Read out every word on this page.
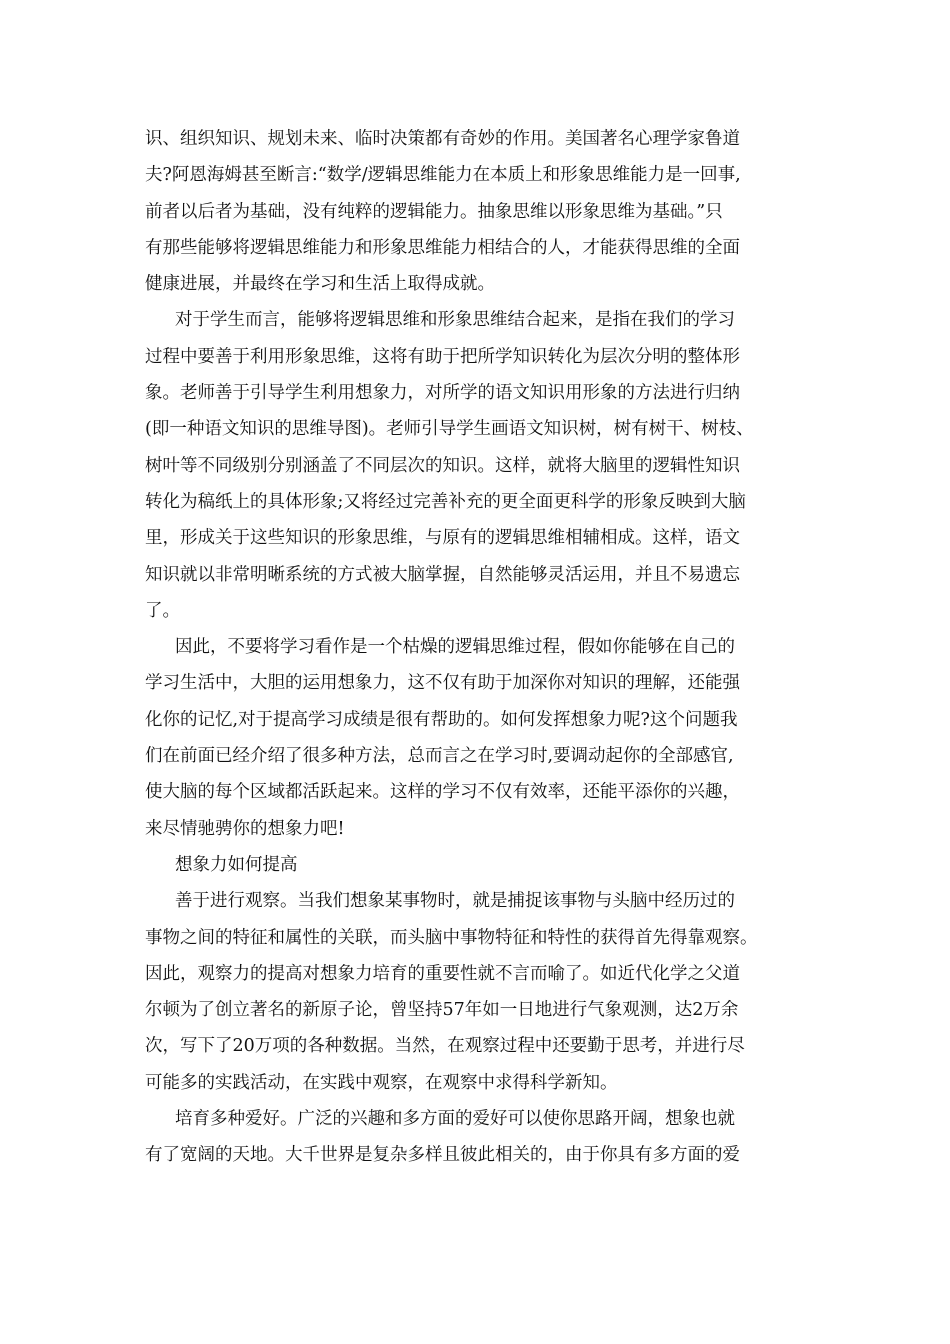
识、组织知识、规划未来、临时决策都有奇妙的作用。美国著名心理学家鲁道
夫?阿恩海姆甚至断言:“数学/逻辑思维能力在本质上和形象思维能力是一回事,
前者以后者为基础，没有纯粹的逻辑能力。抽象思维以形象思维为基础。”只
有那些能够将逻辑思维能力和形象思维能力相结合的人，才能获得思维的全面
健康进展，并最终在学习和生活上取得成就。
对于学生而言，能够将逻辑思维和形象思维结合起来，是指在我们的学习
过程中要善于利用形象思维，这将有助于把所学知识转化为层次分明的整体形
象。老师善于引导学生利用想象力，对所学的语文知识用形象的方法进行归纳
(即一种语文知识的思维导图)。老师引导学生画语文知识树，树有树干、树枝、
树叶等不同级别分别涵盖了不同层次的知识。这样，就将大脑里的逻辑性知识
转化为稿纸上的具体形象;又将经过完善补充的更全面更科学的形象反映到大脑
里，形成关于这些知识的形象思维，与原有的逻辑思维相辅相成。这样，语文
知识就以非常明晰系统的方式被大脑掌握，自然能够灵活运用，并且不易遗忘
了。
因此，不要将学习看作是一个枯燥的逻辑思维过程，假如你能够在自己的
学习生活中，大胆的运用想象力，这不仅有助于加深你对知识的理解，还能强
化你的记忆,对于提高学习成绩是很有帮助的。如何发挥想象力呢?这个问题我
们在前面已经介绍了很多种方法，总而言之在学习时,要调动起你的全部感官,
使大脑的每个区域都活跃起来。这样的学习不仅有效率，还能平添你的兴趣，
来尽情驰骋你的想象力吧!
想象力如何提高
善于进行观察。当我们想象某事物时，就是捕捉该事物与头脑中经历过的
事物之间的特征和属性的关联，而头脑中事物特征和特性的获得首先得靠观察。
因此，观察力的提高对想象力培育的重要性就不言而喻了。如近代化学之父道
尔顿为了创立著名的新原子论，曾坚持57年如一日地进行气象观测，达2万余
次，写下了20万项的各种数据。当然，在观察过程中还要勤于思考，并进行尽
可能多的实践活动，在实践中观察，在观察中求得科学新知。
培育多种爱好。广泛的兴趣和多方面的爱好可以使你思路开阔，想象也就
有了宽阔的天地。大千世界是复杂多样且彼此相关的，由于你具有多方面的爱
